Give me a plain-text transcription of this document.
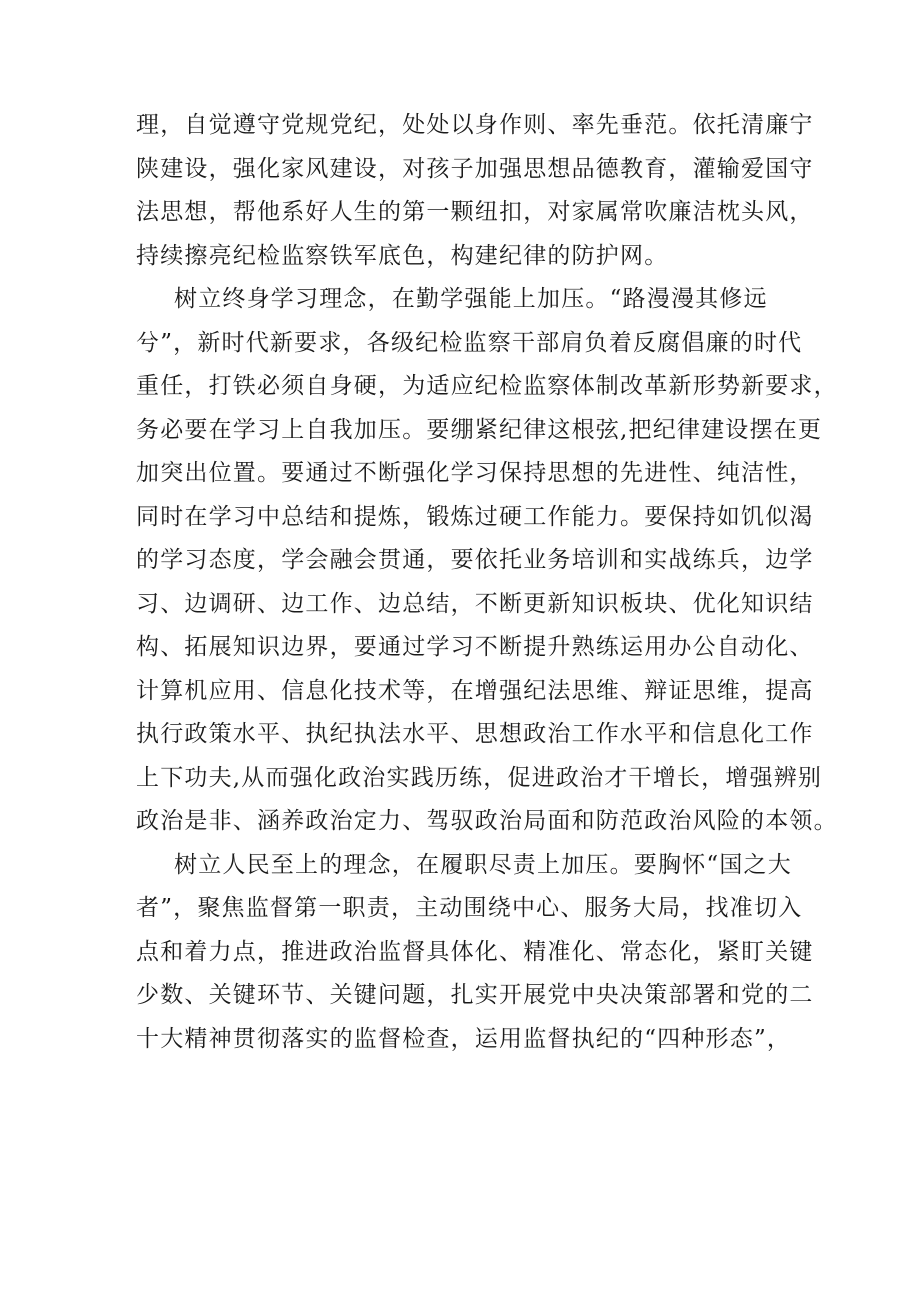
理，自觉遵守党规党纪，处处以身作则、率先垂范。依托清廉宁
陕建设，强化家风建设，对孩子加强思想品德教育，灌输爱国守
法思想，帮他系好人生的第一颗纽扣，对家属常吹廉洁枕头风，
持续擦亮纪检监察铁军底色，构建纪律的防护网。
树立终身学习理念，在勤学强能上加压。“路漫漫其修远
兮”，新时代新要求，各级纪检监察干部肩负着反腐倡廉的时代
重任，打铁必须自身硬，为适应纪检监察体制改革新形势新要求，
务必要在学习上自我加压。要绷紧纪律这根弦,把纪律建设摆在更
加突出位置。要通过不断强化学习保持思想的先进性、纯洁性，
同时在学习中总结和提炼，锻炼过硬工作能力。要保持如饥似渴
的学习态度，学会融会贯通，要依托业务培训和实战练兵，边学
习、边调研、边工作、边总结，不断更新知识板块、优化知识结
构、拓展知识边界，要通过学习不断提升熟练运用办公自动化、
计算机应用、信息化技术等，在增强纪法思维、辩证思维，提高
执行政策水平、执纪执法水平、思想政治工作水平和信息化工作
上下功夫,从而强化政治实践历练，促进政治才干增长，增强辨别
政治是非、涵养政治定力、驾驭政治局面和防范政治风险的本领。
树立人民至上的理念，在履职尽责上加压。要胸怀“国之大
者”，聚焦监督第一职责，主动围绕中心、服务大局，找准切入
点和着力点，推进政治监督具体化、精准化、常态化，紧盯关键
少数、关键环节、关键问题，扎实开展党中央决策部署和党的二
十大精神贯彻落实的监督检查，运用监督执纪的“四种形态”，
